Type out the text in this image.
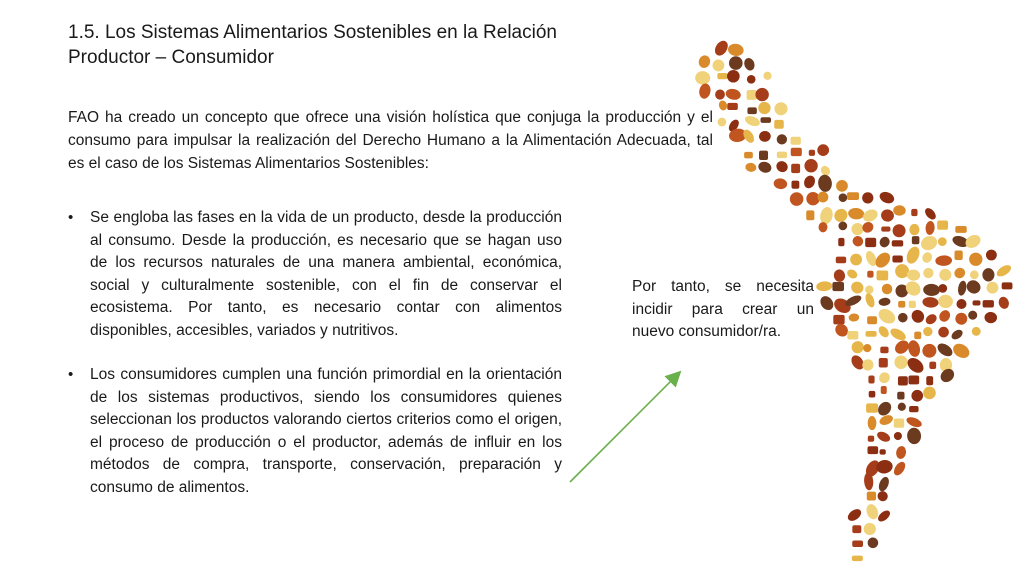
1.5. Los Sistemas Alimentarios Sostenibles en la Relación Productor – Consumidor

FAO ha creado un concepto que ofrece una visión holística que conjuga la producción y el consumo para impulsar la realización del Derecho Humano a la Alimentación Adecuada, tal es el caso de los Sistemas Alimentarios Sostenibles:

• Se engloba las fases en la vida de un producto, desde la producción al consumo. Desde la producción, es necesario que se hagan uso de los recursos naturales de una manera ambiental, económica, social y culturalmente sostenible, con el fin de conservar el ecosistema. Por tanto, es necesario contar con alimentos disponibles, accesibles, variados y nutritivos.
• Los consumidores cumplen una función primordial en la orientación de los sistemas productivos, siendo los consumidores quienes seleccionan los productos valorando ciertos criterios como el origen, el proceso de producción o el productor, además de influir en los métodos de compra, transporte, conservación, preparación y consumo de alimentos.

Por tanto, se necesita incidir para crear un nuevo consumidor/ra.
